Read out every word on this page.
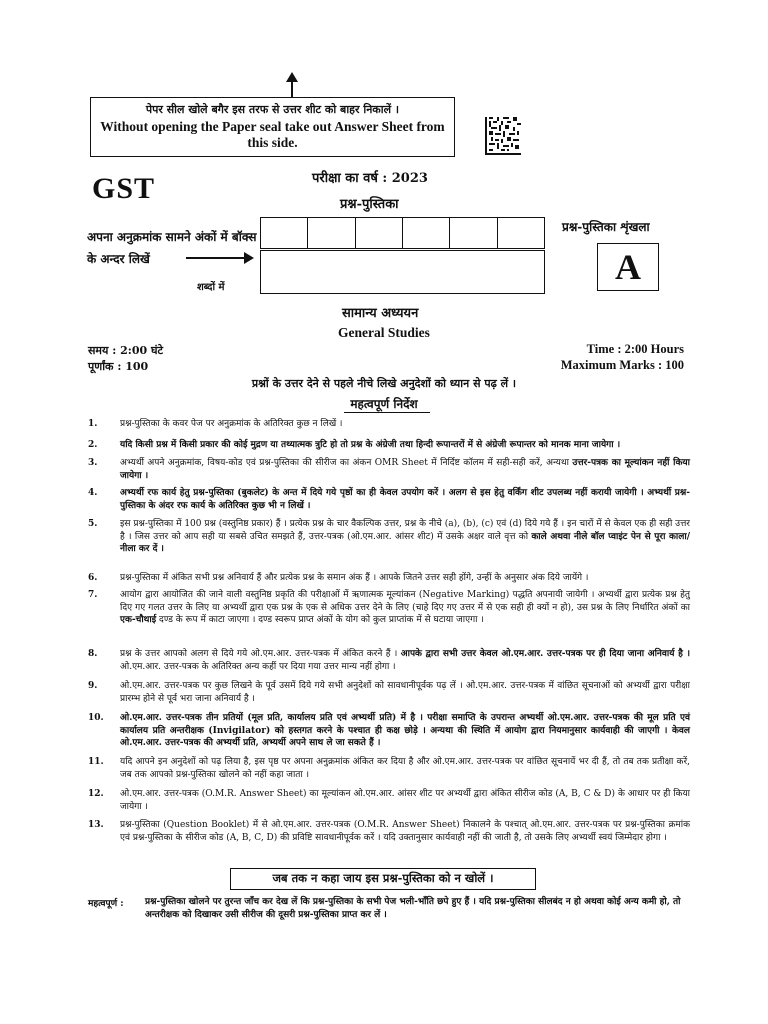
पेपर सील खोले बगैर इस तरफ से उत्तर शीट को बाहर निकालें ।
Without opening the Paper seal take out Answer Sheet from this side.
GST	परीक्षा का वर्ष : 2023
प्रश्न-पुस्तिका
अपना अनुक्रमांक सामने अंकों में बॉक्स के अन्दर लिखें
शब्दों में
प्रश्न-पुस्तिका शृंखला
A
सामान्य अध्ययन
General Studies
समय : 2:00 घंटे
पूर्णांक : 100
Time : 2:00 Hours
Maximum Marks : 100
प्रश्नों के उत्तर देने से पहले नीचे लिखे अनुदेशों को ध्यान से पढ़ लें ।
महत्वपूर्ण निर्देश
1.	प्रश्न-पुस्तिका के कवर पेज पर अनुक्रमांक के अतिरिक्त कुछ न लिखें ।
2.	यदि किसी प्रश्न में किसी प्रकार की कोई मुद्रण या तथ्यात्मक त्रुटि हो तो प्रश्न के अंग्रेजी तथा हिन्दी रूपान्तरों में से अंग्रेजी रूपान्तर को मानक माना जायेगा ।
3.	अभ्यर्थी अपने अनुक्रमांक, विषय-कोड एवं प्रश्न-पुस्तिका की सीरीज का अंकन OMR Sheet में निर्दिष्ट कॉलम में सही-सही करें, अन्यथा उत्तर-पत्रक का मूल्यांकन नहीं किया जायेगा ।
4.	अभ्यर्थी रफ कार्य हेतु प्रश्न-पुस्तिका (बुकलेट) के अन्त में दिये गये पृष्ठों का ही केवल उपयोग करें । अलग से इस हेतु वर्किंग शीट उपलब्ध नहीं करायी जायेगी । अभ्यर्थी प्रश्न-पुस्तिका के अंदर रफ कार्य के अतिरिक्त कुछ भी न लिखें ।
5.	इस प्रश्न-पुस्तिका में 100 प्रश्न (वस्तुनिष्ठ प्रकार) हैं । प्रत्येक प्रश्न के चार वैकल्पिक उत्तर, प्रश्न के नीचे (a), (b), (c) एवं (d) दिये गये हैं । इन चारों में से केवल एक ही सही उत्तर है । जिस उत्तर को आप सही या सबसे उचित समझते हैं, उत्तर-पत्रक (ओ.एम.आर. आंसर शीट) में उसके अक्षर वाले वृत्त को काले अथवा नीले बॉल प्वाइंट पेन से पूरा काला/नीला कर दें ।
6.	प्रश्न-पुस्तिका में अंकित सभी प्रश्न अनिवार्य हैं और प्रत्येक प्रश्न के समान अंक हैं । आपके जितने उत्तर सही होंगे, उन्हीं के अनुसार अंक दिये जायेंगे ।
7.	आयोग द्वारा आयोजित की जाने वाली वस्तुनिष्ठ प्रकृति की परीक्षाओं में ऋणात्मक मूल्यांकन (Negative Marking) पद्धति अपनायी जायेगी । अभ्यर्थी द्वारा प्रत्येक प्रश्न हेतु दिए गए गलत उत्तर के लिए या अभ्यर्थी द्वारा एक प्रश्न के एक से अधिक उत्तर देने के लिए (चाहे दिए गए उत्तर में से एक सही ही क्यों न हो), उस प्रश्न के लिए निर्धारित अंकों का एक-चौथाई दण्ड के रूप में काटा जाएगा । दण्ड स्वरूप प्राप्त अंकों के योग को कुल प्राप्तांक में से घटाया जाएगा ।
8.	प्रश्न के उत्तर आपको अलग से दिये गये ओ.एम.आर. उत्तर-पत्रक में अंकित करने हैं । आपके द्वारा सभी उत्तर केवल ओ.एम.आर. उत्तर-पत्रक पर ही दिया जाना अनिवार्य है । ओ.एम.आर. उत्तर-पत्रक के अतिरिक्त अन्य कहीं पर दिया गया उत्तर मान्य नहीं होगा ।
9.	ओ.एम.आर. उत्तर-पत्रक पर कुछ लिखने के पूर्व उसमें दिये गये सभी अनुदेशों को सावधानीपूर्वक पढ़ लें । ओ.एम.आर. उत्तर-पत्रक में वांछित सूचनाओं को अभ्यर्थी द्वारा परीक्षा प्रारम्भ होने से पूर्व भरा जाना अनिवार्य है ।
10. ओ.एम.आर. उत्तर-पत्रक तीन प्रतियों (मूल प्रति, कार्यालय प्रति एवं अभ्यर्थी प्रति) में है । परीक्षा समाप्ति के उपरान्त अभ्यर्थी ओ.एम.आर. उत्तर-पत्रक की मूल प्रति एवं कार्यालय प्रति अन्तरीक्षक (Invigilator) को हस्तगत करने के पश्चात ही कक्ष छोड़े । अन्यथा की स्थिति में आयोग द्वारा नियमानुसार कार्यवाही की जाएगी । केवल ओ.एम.आर. उत्तर-पत्रक की अभ्यर्थी प्रति, अभ्यर्थी अपने साथ ले जा सकते हैं ।
11. यदि आपने इन अनुदेशों को पढ़ लिया है, इस पृष्ठ पर अपना अनुक्रमांक अंकित कर दिया है और ओ.एम.आर. उत्तर-पत्रक पर वांछित सूचनायें भर दी हैं, तो तब तक प्रतीक्षा करें, जब तक आपको प्रश्न-पुस्तिका खोलने को नहीं कहा जाता ।
12. ओ.एम.आर. उत्तर-पत्रक (O.M.R. Answer Sheet) का मूल्यांकन ओ.एम.आर. आंसर शीट पर अभ्यर्थी द्वारा अंकित सीरीज कोड (A, B, C & D) के आधार पर ही किया जायेगा ।
13. प्रश्न-पुस्तिका (Question Booklet) में से ओ.एम.आर. उत्तर-पत्रक (O.M.R. Answer Sheet) निकालने के पश्चात् ओ.एम.आर. उत्तर-पत्रक पर प्रश्न-पुस्तिका क्रमांक एवं प्रश्न-पुस्तिका के सीरीज कोड (A, B, C, D) की प्रविष्टि सावधानीपूर्वक करें । यदि उक्तानुसार कार्यवाही नहीं की जाती है, तो उसके लिए अभ्यर्थी स्वयं जिम्मेदार होगा ।
जब तक न कहा जाय इस प्रश्न-पुस्तिका को न खोलें ।
महत्वपूर्ण : प्रश्न-पुस्तिका खोलने पर तुरन्त जाँच कर देख लें कि प्रश्न-पुस्तिका के सभी पेज भली-भाँति छपे हुए हैं । यदि प्रश्न-पुस्तिका सीलबंद न हो अथवा कोई अन्य कमी हो, तो अन्तरीक्षक को दिखाकर उसी सीरीज की दूसरी प्रश्न-पुस्तिका प्राप्त कर लें ।
